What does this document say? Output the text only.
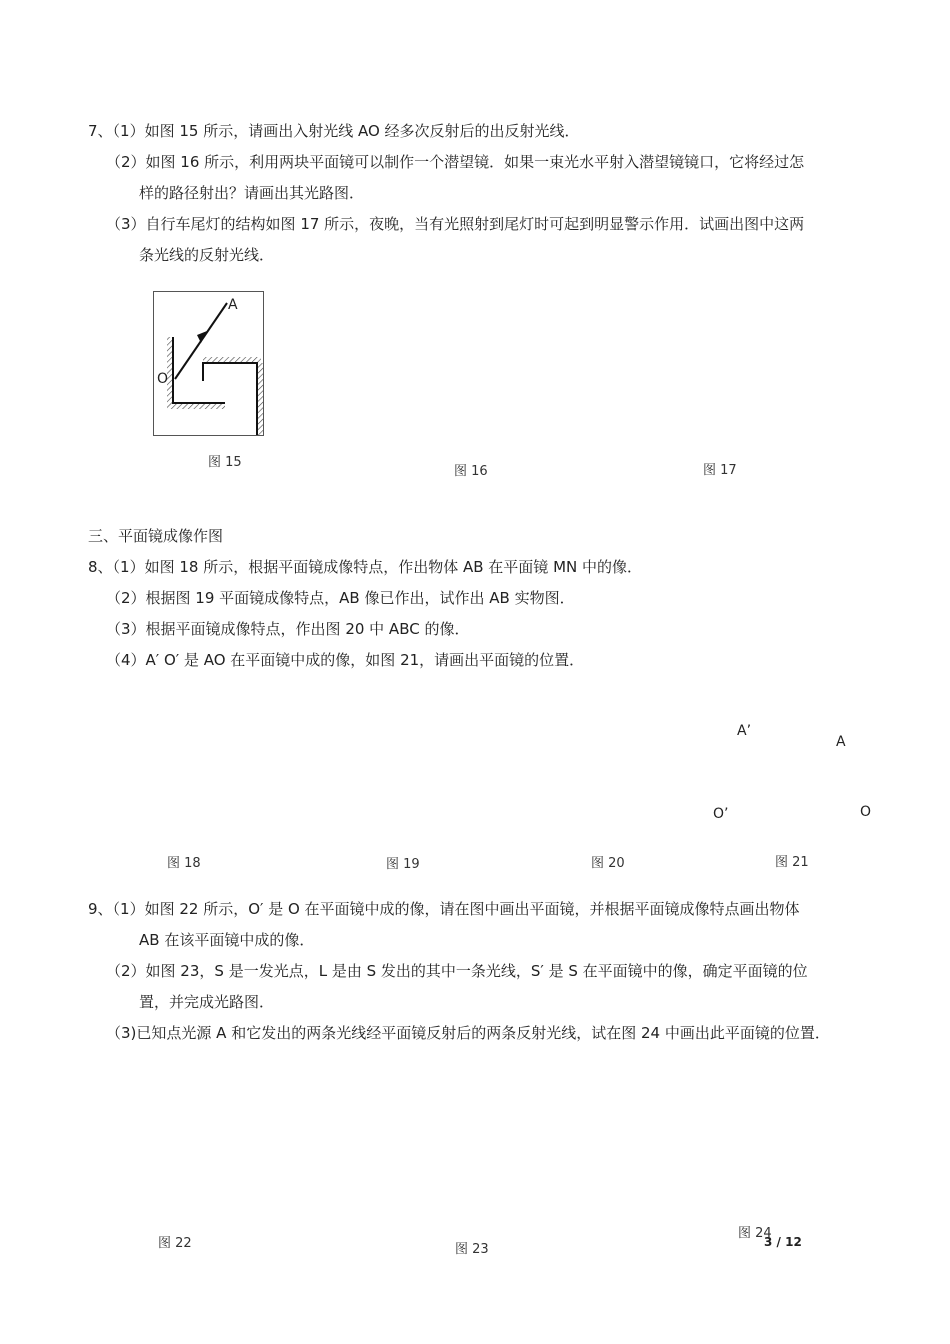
7、（1）如图 15 所示，请画出入射光线 AO 经多次反射后的出反射光线．
（2）如图 16 所示，利用两块平面镜可以制作一个潜望镜．如果一束光水平射入潜望镜镜口，它将经过怎
样的路径射出？请画出其光路图．
（3）自行车尾灯的结构如图 17 所示，夜晚，当有光照射到尾灯时可起到明显警示作用．试画出图中这两
条光线的反射光线．
A
O
图 15
图 16	图 17
三、平面镜成像作图
8、（1）如图 18 所示，根据平面镜成像特点，作出物体 AB 在平面镜 MN 中的像．
（2）根据图 19 平面镜成像特点，AB 像已作出，试作出 AB 实物图．
（3）根据平面镜成像特点，作出图 20 中 ABC 的像．
（4）A′ O′ 是 AO 在平面镜中成的像，如图 21，请画出平面镜的位置．
A’
A
O’	O
图 18	图 19	图 20	图 21
9、（1）如图 22 所示，O′ 是 O 在平面镜中成的像，请在图中画出平面镜，并根据平面镜成像特点画出物体
AB 在该平面镜中成的像．
（2）如图 23，S 是一发光点，L 是由 S 发出的其中一条光线，S′ 是 S 在平面镜中的像，确定平面镜的位
置，并完成光路图．
（3)已知点光源 A 和它发出的两条光线经平面镜反射后的两条反射光线，试在图 24 中画出此平面镜的位置．
图 22	图 23
图 24
3 / 12
